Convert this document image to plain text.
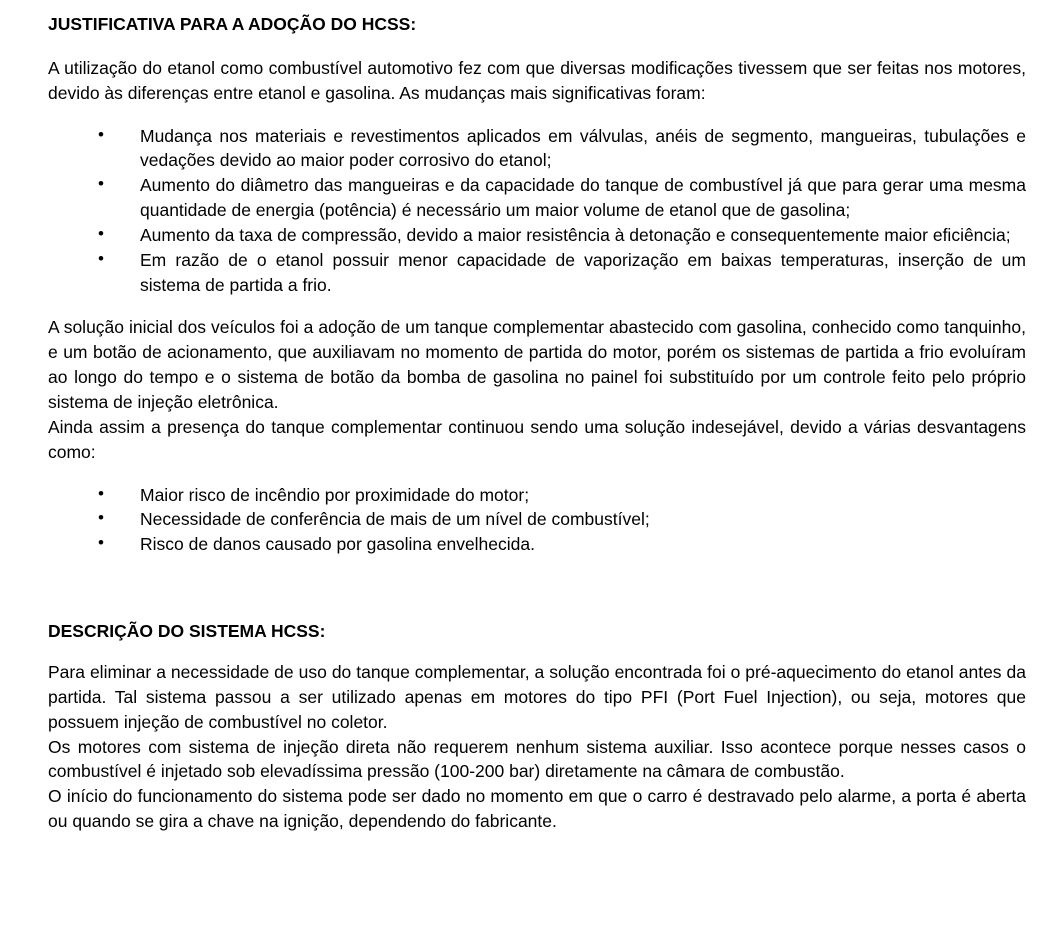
JUSTIFICATIVA PARA A ADOÇÃO DO HCSS:

A utilização do etanol como combustível automotivo fez com que diversas modificações tivessem que ser feitas nos motores, devido às diferenças entre etanol e gasolina. As mudanças mais significativas foram:

• Mudança nos materiais e revestimentos aplicados em válvulas, anéis de segmento, mangueiras, tubulações e vedações devido ao maior poder corrosivo do etanol;
• Aumento do diâmetro das mangueiras e da capacidade do tanque de combustível já que para gerar uma mesma quantidade de energia (potência) é necessário um maior volume de etanol que de gasolina;
• Aumento da taxa de compressão, devido a maior resistência à detonação e consequentemente maior eficiência;
• Em razão de o etanol possuir menor capacidade de vaporização em baixas temperaturas, inserção de um sistema de partida a frio.

A solução inicial dos veículos foi a adoção de um tanque complementar abastecido com gasolina, conhecido como tanquinho, e um botão de acionamento, que auxiliavam no momento de partida do motor, porém os sistemas de partida a frio evoluíram ao longo do tempo e o sistema de botão da bomba de gasolina no painel foi substituído por um controle feito pelo próprio sistema de injeção eletrônica.

Ainda assim a presença do tanque complementar continuou sendo uma solução indesejável, devido a várias desvantagens como:

• Maior risco de incêndio por proximidade do motor;
• Necessidade de conferência de mais de um nível de combustível;
• Risco de danos causado por gasolina envelhecida.
DESCRIÇÃO DO SISTEMA HCSS:

Para eliminar a necessidade de uso do tanque complementar, a solução encontrada foi o pré-aquecimento do etanol antes da partida. Tal sistema passou a ser utilizado apenas em motores do tipo PFI (Port Fuel Injection), ou seja, motores que possuem injeção de combustível no coletor.

Os motores com sistema de injeção direta não requerem nenhum sistema auxiliar. Isso acontece porque nesses casos o combustível é injetado sob elevadíssima pressão (100-200 bar) diretamente na câmara de combustão.

O início do funcionamento do sistema pode ser dado no momento em que o carro é destravado pelo alarme, a porta é aberta ou quando se gira a chave na ignição, dependendo do fabricante.
